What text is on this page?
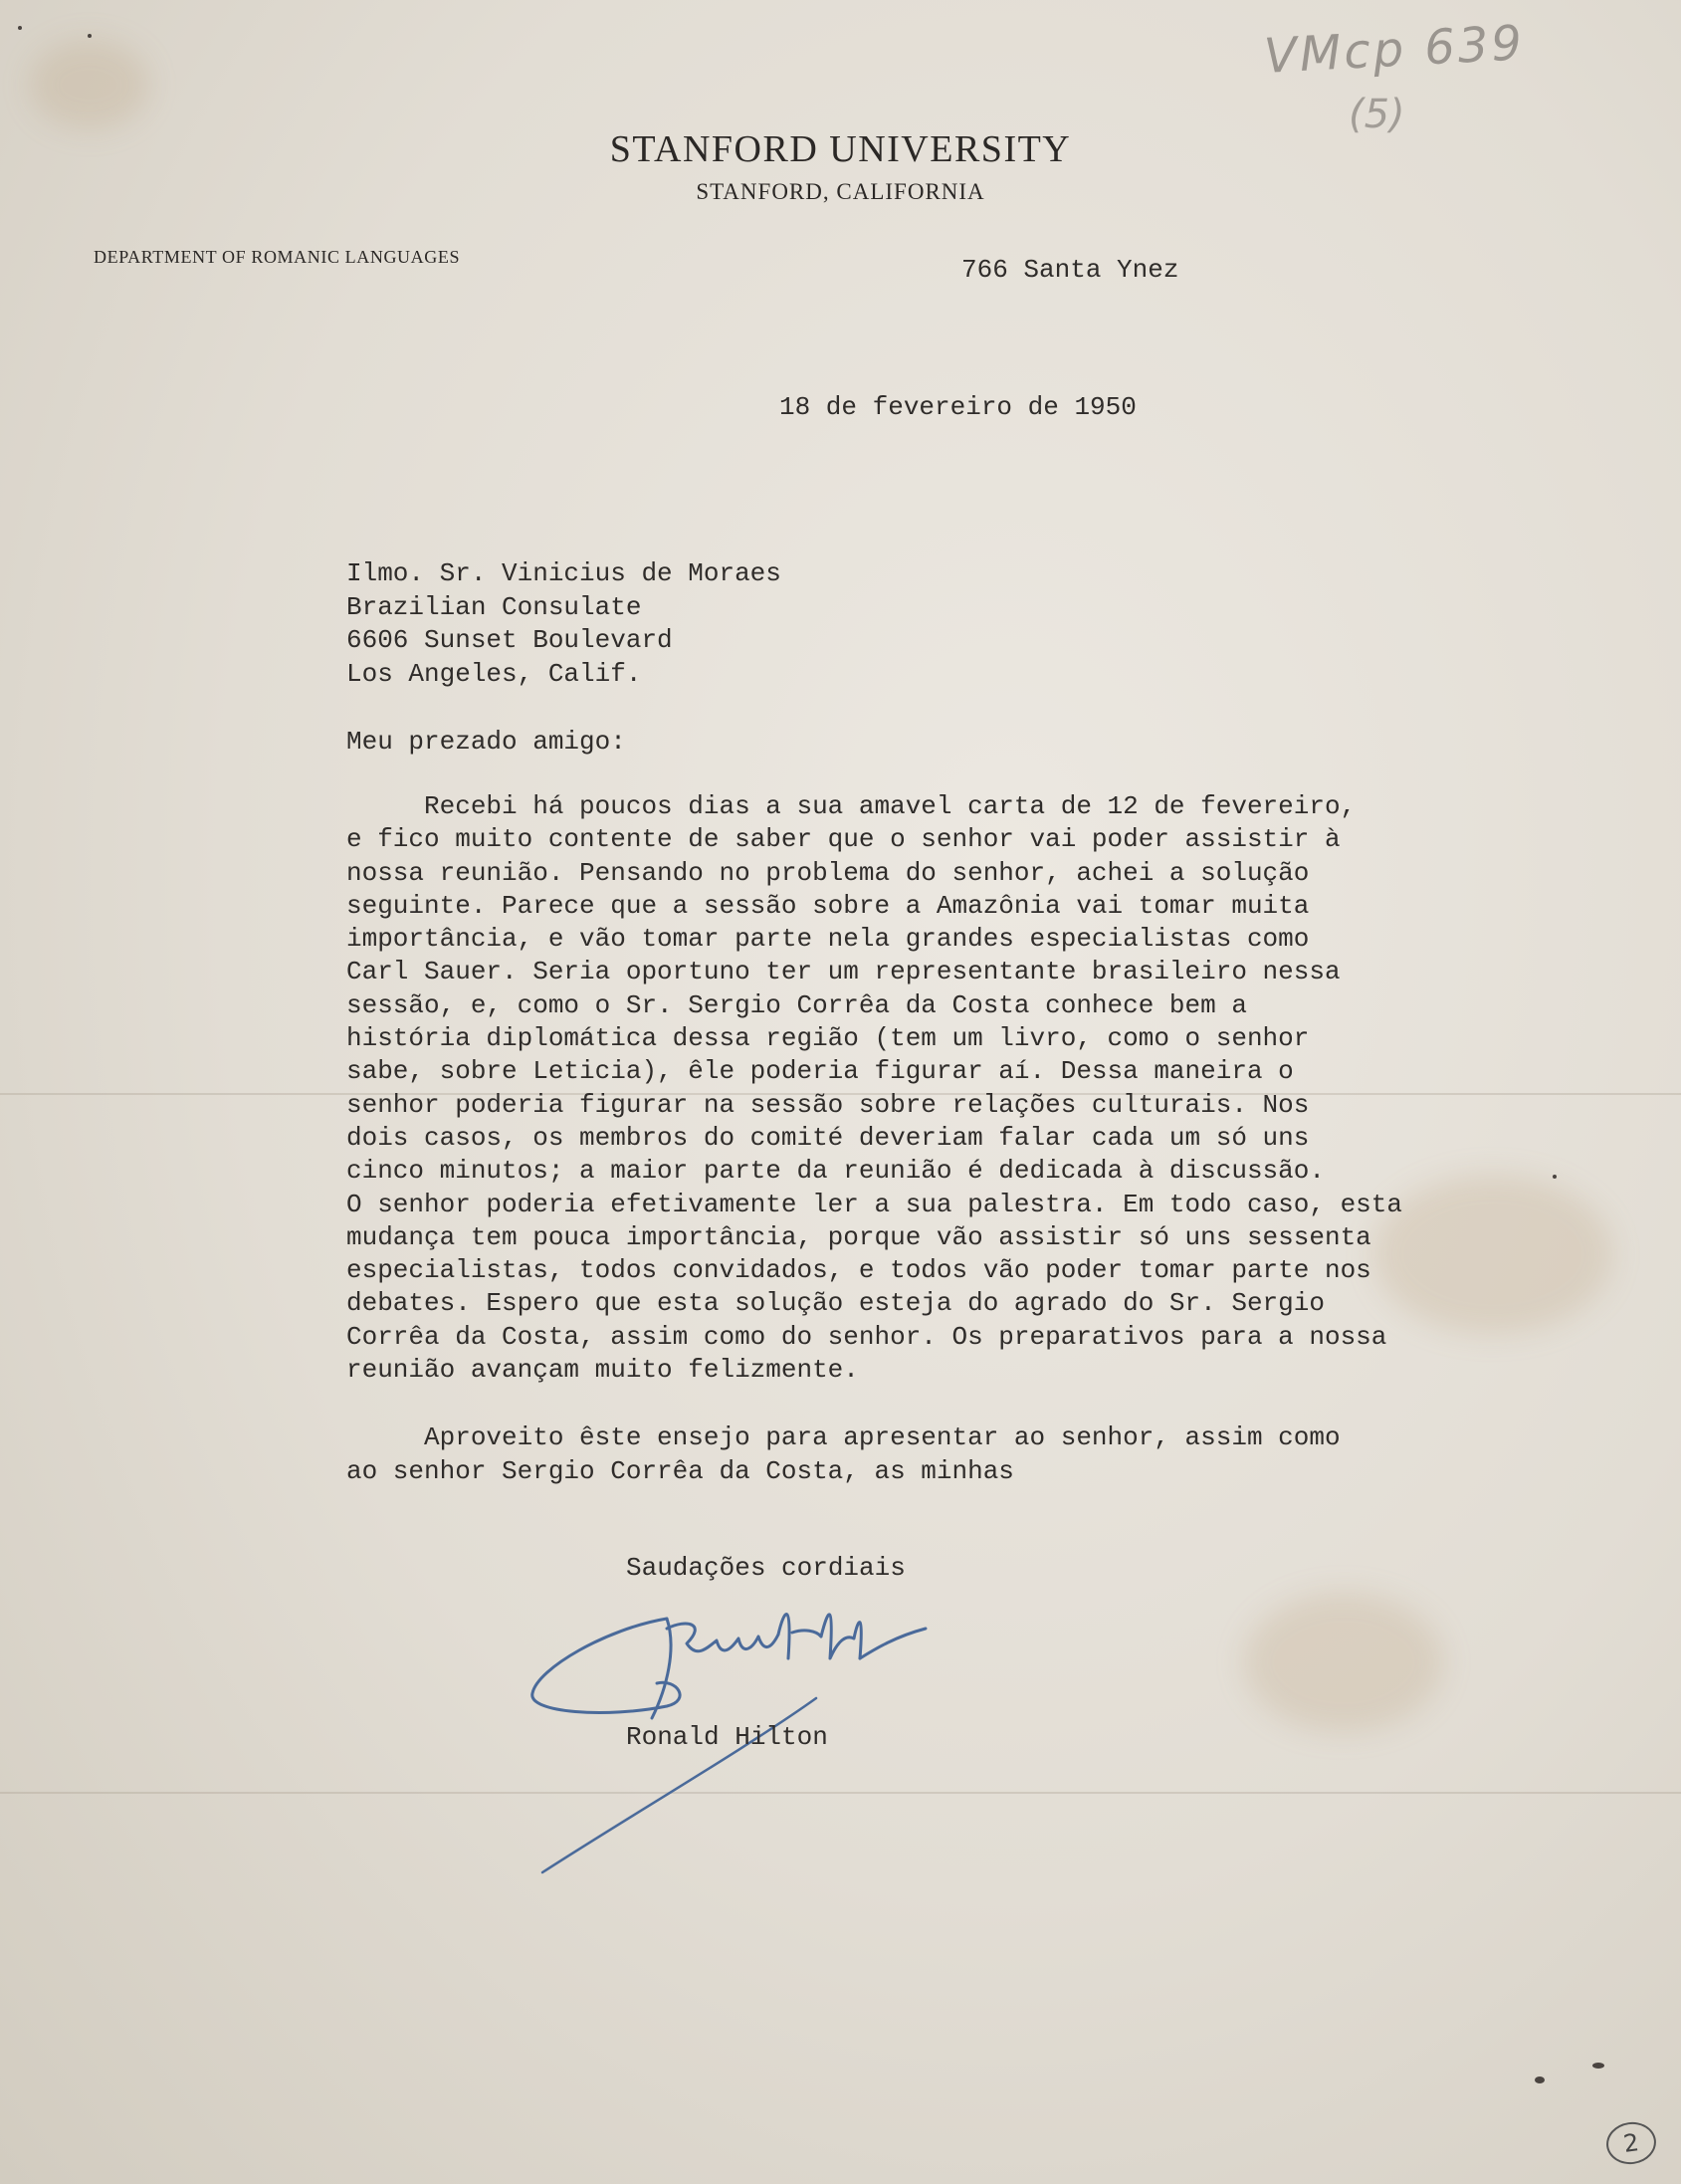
VMcp 639
(5)
STANFORD UNIVERSITY
STANFORD, CALIFORNIA
DEPARTMENT OF ROMANIC LANGUAGES	766 Santa Ynez
18 de fevereiro de 1950
Ilmo. Sr. Vinicius de Moraes
Brazilian Consulate
6606 Sunset Boulevard
Los Angeles, Calif.
Meu prezado amigo:
Recebi há poucos dias a sua amavel carta de 12 de fevereiro,
e fico muito contente de saber que o senhor vai poder assistir à
nossa reunião. Pensando no problema do senhor, achei a solução
seguinte. Parece que a sessão sobre a Amazônia vai tomar muita
importância, e vão tomar parte nela grandes especialistas como
Carl Sauer. Seria oportuno ter um representante brasileiro nessa
sessão, e, como o Sr. Sergio Corrêa da Costa conhece bem a
história diplomática dessa região (tem um livro, como o senhor
sabe, sobre Leticia), êle poderia figurar aí. Dessa maneira o
senhor poderia figurar na sessão sobre relações culturais. Nos
dois casos, os membros do comité deveriam falar cada um só uns
cinco minutos; a maior parte da reunião é dedicada à discussão.
O senhor poderia efetivamente ler a sua palestra. Em todo caso, esta
mudança tem pouca importância, porque vão assistir só uns sessenta
especialistas, todos convidados, e todos vão poder tomar parte nos
debates. Espero que esta solução esteja do agrado do Sr. Sergio
Corrêa da Costa, assim como do senhor. Os preparativos para a nossa
reunião avançam muito felizmente.
Aproveito êste ensejo para apresentar ao senhor, assim como
ao senhor Sergio Corrêa da Costa, as minhas
Saudações cordiais
Ronald Hilton
2
